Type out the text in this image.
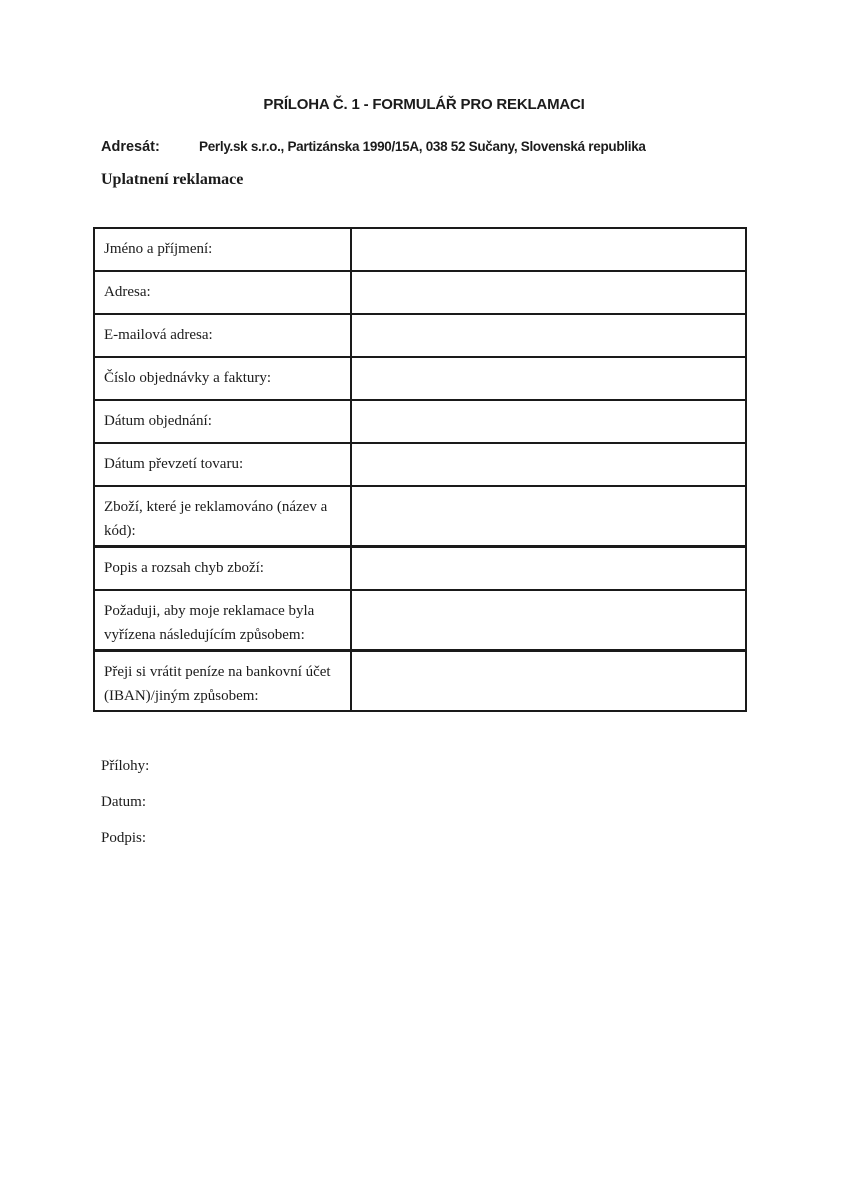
PRÍLOHA Č. 1 - FORMULÁŘ PRO REKLAMACI
Adresát:	Perly.sk s.r.o., Partizánska 1990/15A, 038 52 Sučany, Slovenská republika
Uplatnení reklamace
Jméno a příjmení:	
Adresa:	
E-mailová adresa:	
Číslo objednávky a faktury:	
Dátum objednání:	
Dátum převzetí tovaru:	
Zboží, které je reklamováno (název a kód):	
Popis a rozsah chyb zboží:	
Požaduji, aby moje reklamace byla vyřízena následujícím způsobem:	
Přeji si vrátit peníze na bankovní účet (IBAN)/jiným způsobem:	
Přílohy:
Datum:
Podpis:
